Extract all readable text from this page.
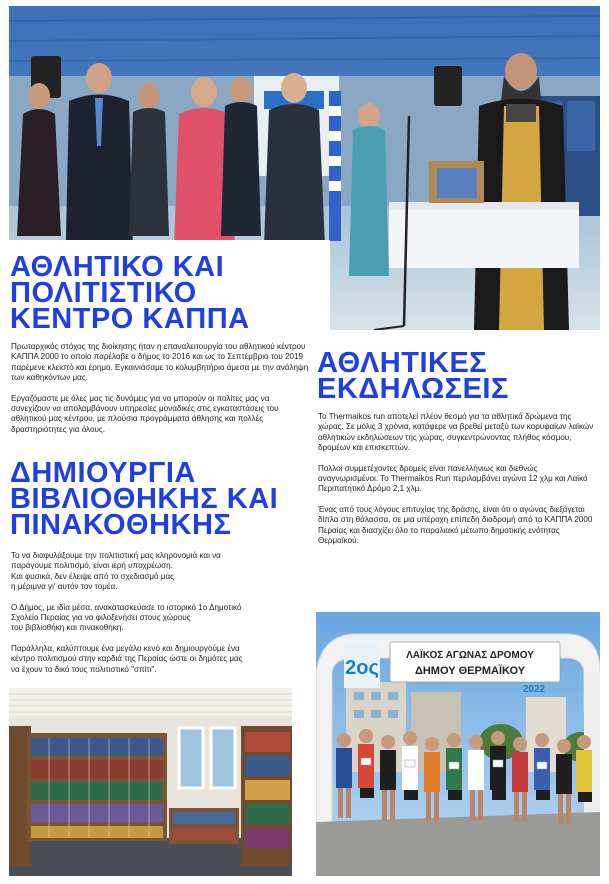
ΑΘΛΗΤΙΚΟ ΚΑΙ
ΠΟΛΙΤΙΣΤΙΚΟ
ΚΕΝΤΡΟ ΚΑΠΠΑ

Πρωταρχικός στόχος της διοίκησης ήταν η επαναλειτουργία του αθλητικού κέντρου ΚΑΠΠΑ 2000 το οποίο παρέλαβε ο δήμος το 2016 και ως το Σεπτέμβριο του 2019 παρέμενε κλειστό και έρημο. Εγκαινιάσαμε το κολυμβητήριο άμεσα με την ανάληψη των καθηκόντων μας.

Εργαζόμαστε με όλες μας τις δυνάμεις για να μπορούν οι πολίτες μας να συνεχίζουν να απολαμβάνουν υπηρεσίες μοναδικές στις εγκαταστάσεις του αθλητικού μας κέντρου, με πλούσια προγράμματα άθλησης και πολλές δραστηριότητες για όλους.

ΔΗΜΙΟΥΡΓΙΑ
ΒΙΒΛΙΟΘΗΚΗΣ ΚΑΙ
ΠΙΝΑΚΟΘΗΚΗΣ

Το να διαφυλάξουμε την πολιτιστική μας κληρονομιά και να
παράγουμε πολιτισμό, είναι ιερή υποχρέωση.
Και φυσικά, δεν έλειψε από το σχεδιασμό μας
η μέριμνα γι' αυτόν τον τομέα.

Ο Δήμος, με ιδία μέσα, ανακατασκεύασε το ιστορικό 1ο Δημοτικό
Σχολείο Περαίας για να φιλοξενήσει στους χώρους
του βιβλιοθήκη και πινακοθήκη.

Παράλληλα, καλύπτουμε ένα μεγάλο κενό και δημιουργούμε ένα
κέντρο πολιτισμού στην καρδιά της Περαίας ώστε οι δημότες μας
να έχουν το δικό τους πολιτιστικό "σπίτι".

ΑΘΛΗΤΙΚΕΣ
ΕΚΔΗΛΩΣΕΙΣ

Το Thermaikos run αποτελεί πλέον θεσμό για τα αθλητικά δρώμενα της χώρας. Σε μόλις 3 χρόνια, κατάφερε να βρεθεί μεταξύ των κορυφαίων λαϊκών αθλητικών εκδηλώσεων της χώρας, συγκεντρώνοντας πλήθος κόσμου, δρομέων και επισκεπτών.

Πολλοί συμμετέχοντες δρομείς είναι πανελλήνιως και διεθνώς αναγνωρισμένοι. Το Thermaikos Run περιλαμβάνει αγώνα 12 χλμ και Λαϊκό Περιπατητικό Δρόμο 2,1 χλμ.

Ένας από τους λόγους επιτυχίας της δράσης, είναι ότι ο αγώνας διεξάγεται δίπλα στη θάλασσα, σε μια υπέροχη επίπεδη διαδρομή από το ΚΑΠΠΑ 2000 Περαίας και διασχίζει όλο το παραλιακό μέτωπο δημοτικής ενότητας Θερμαϊκού.

2ος
ΛΑΪΚΟΣ ΑΓΩΝΑΣ ΔΡΟΜΟΥ
ΔΗΜΟΥ ΘΕΡΜΑΪΚΟΥ
2022
